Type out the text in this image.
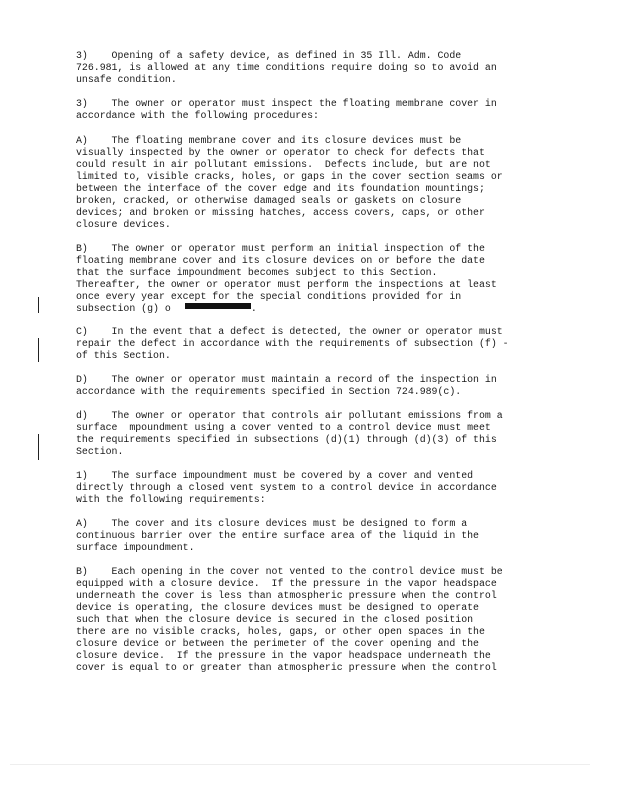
3)    Opening of a safety device, as defined in 35 Ill. Adm. Code
726.981, is allowed at any time conditions require doing so to avoid an
unsafe condition.
3)    The owner or operator must inspect the floating membrane cover in
accordance with the following procedures:
A)    The floating membrane cover and its closure devices must be
visually inspected by the owner or operator to check for defects that
could result in air pollutant emissions.  Defects include, but are not
limited to, visible cracks, holes, or gaps in the cover section seams or
between the interface of the cover edge and its foundation mountings;
broken, cracked, or otherwise damaged seals or gaskets on closure
devices; and broken or missing hatches, access covers, caps, or other
closure devices.
B)    The owner or operator must perform an initial inspection of the
floating membrane cover and its closure devices on or before the date
that the surface impoundment becomes subject to this Section.
Thereafter, the owner or operator must perform the inspections at least
once every year except for the special conditions provided for in
subsection (g) o	.
C)    In the event that a defect is detected, the owner or operator must
repair the defect in accordance with the requirements of subsection (f) -
of this Section.
D)    The owner or operator must maintain a record of the inspection in
accordance with the requirements specified in Section 724.989(c).
d)    The owner or operator that controls air pollutant emissions from a
surface  mpoundment using a cover vented to a control device must meet
the requirements specified in subsections (d)(1) through (d)(3) of this
Section.
1)    The surface impoundment must be covered by a cover and vented
directly through a closed vent system to a control device in accordance
with the following requirements:
A)    The cover and its closure devices must be designed to form a
continuous barrier over the entire surface area of the liquid in the
surface impoundment.
B)    Each opening in the cover not vented to the control device must be
equipped with a closure device.  If the pressure in the vapor headspace
underneath the cover is less than atmospheric pressure when the control
device is operating, the closure devices must be designed to operate
such that when the closure device is secured in the closed position
there are no visible cracks, holes, gaps, or other open spaces in the
closure device or between the perimeter of the cover opening and the
closure device.  If the pressure in the vapor headspace underneath the
cover is equal to or greater than atmospheric pressure when the control
